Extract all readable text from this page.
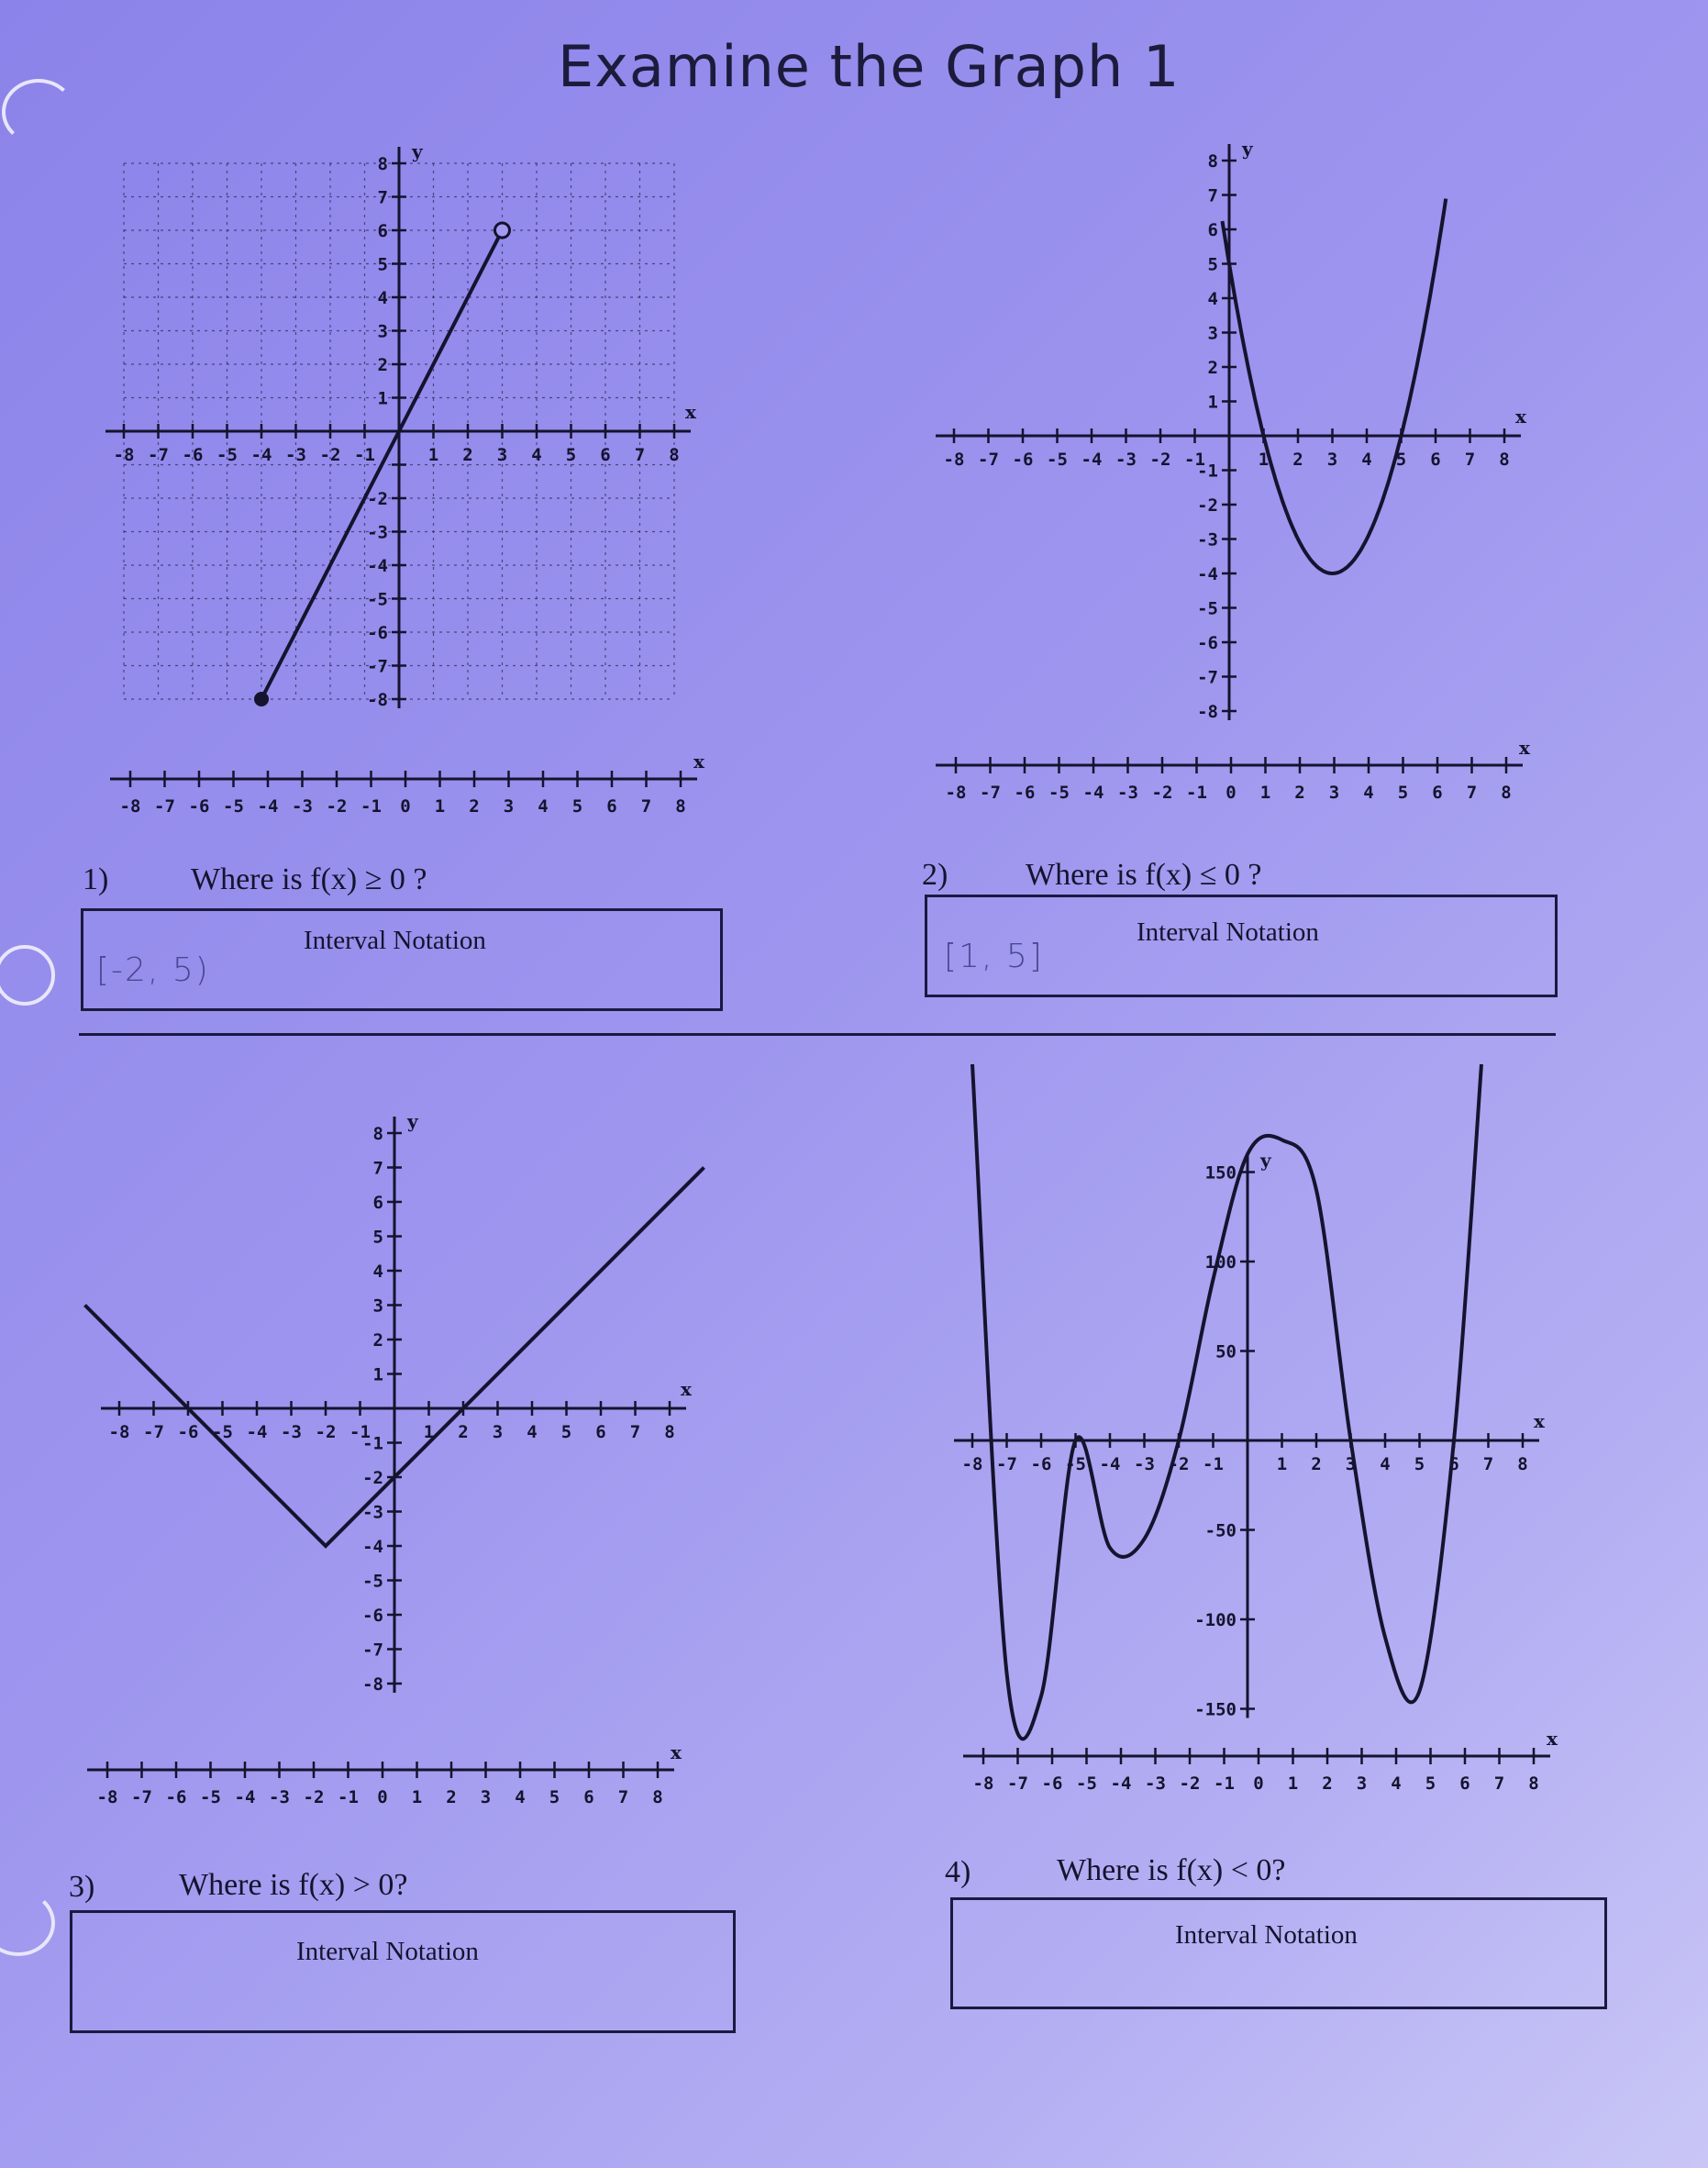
Examine the Graph 1
-8 -7 -6 -5 -4 -3 -2 -1	1 2 3 4 5 6 7 8
8
7
6
5
4
3
2
1
-2
-3
-4
-5
-6
-7
-8
x
y
-8 -7 -6 -5 -4 -3 -2 -1 0 1 2 3 4 5 6 7 8
x
-8 -7 -6 -5 -4 -3 -2 -1	1 2 3 4 5 6 7 8
8
7
6
5
4
3
2
1
-1
-2
-3
-4
-5
-6
-7
-8
x
y
-8 -7 -6 -5 -4 -3 -2 -1 0 1 2 3 4 5 6 7 8
x
-8 -7 -6 -5 -4 -3 -2 -1	1 2 3 4 5 6 7 8
8
7
6
5
4
3
2
1
-1
-2
-3
-4
-5
-6
-7
-8
x
y
-8 -7 -6 -5 -4 -3 -2 -1 0 1 2 3 4 5 6 7 8
x
-8 -7 -6 -5 -4 -3 -2 -1	1 2 3 4 5 6 7 8
150
100
50
-50
-100
-150
x
y
-8 -7 -6 -5 -4 -3 -2 -1 0 1 2 3 4 5 6 7 8
x
1)	Where is f(x) ≥ 0 ?
Interval Notation
[-2, 5)
2) Where is f(x) ≤ 0 ?
Interval Notation
[1, 5]
3)	Where is f(x) > 0?
Interval Notation
4)	Where is f(x) < 0?
Interval Notation
